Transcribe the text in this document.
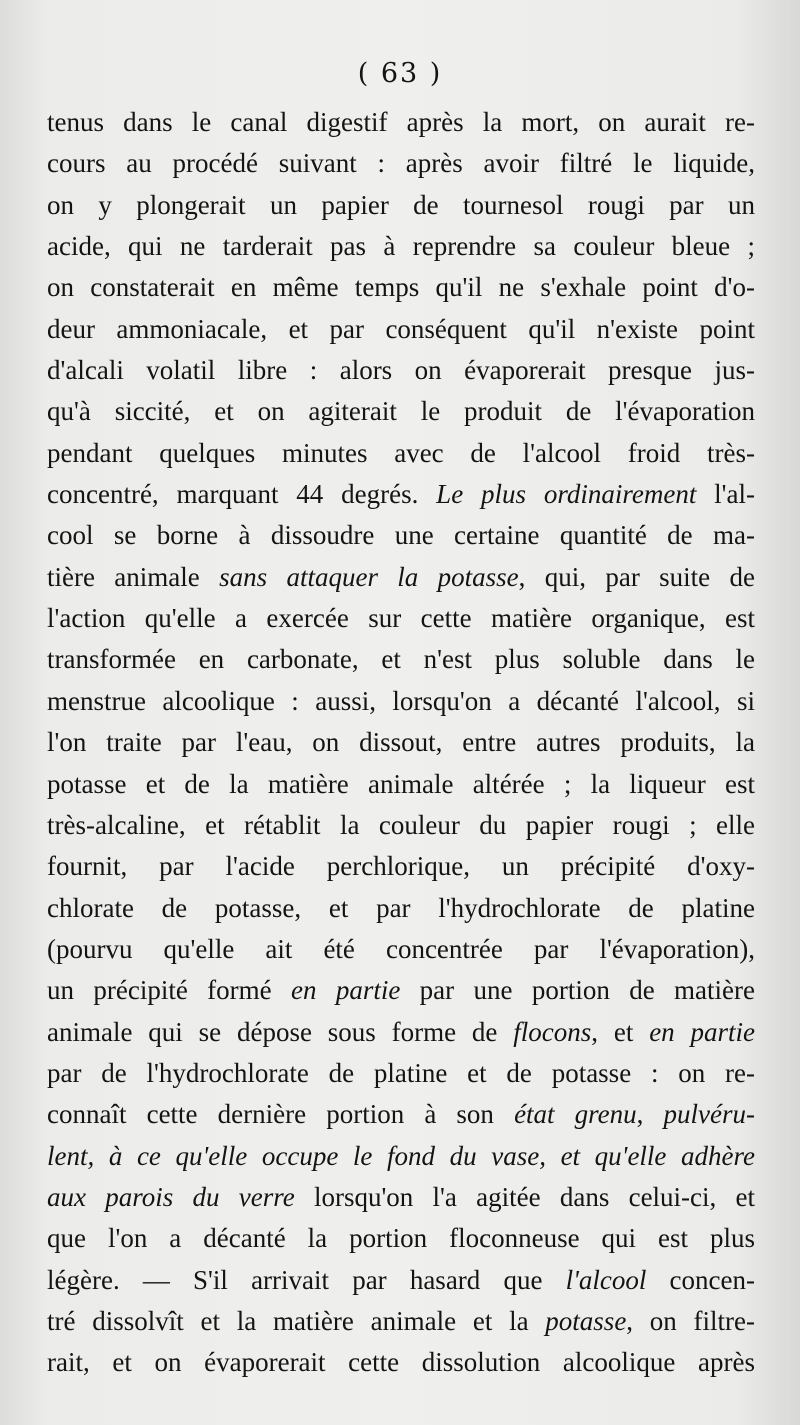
( 63 )
tenus dans le canal digestif après la mort, on aurait re-
cours au procédé suivant : après avoir filtré le liquide,
on y plongerait un papier de tournesol rougi par un
acide, qui ne tarderait pas à reprendre sa couleur bleue ;
on constaterait en même temps qu'il ne s'exhale point d'o-
deur ammoniacale, et par conséquent qu'il n'existe point
d'alcali volatil libre : alors on évaporerait presque jus-
qu'à siccité, et on agiterait le produit de l'évaporation
pendant quelques minutes avec de l'alcool froid très-
concentré, marquant 44 degrés. Le plus ordinairement l'al-
cool se borne à dissoudre une certaine quantité de ma-
tière animale sans attaquer la potasse, qui, par suite de
l'action qu'elle a exercée sur cette matière organique, est
transformée en carbonate, et n'est plus soluble dans le
menstrue alcoolique : aussi, lorsqu'on a décanté l'alcool, si
l'on traite par l'eau, on dissout, entre autres produits, la
potasse et de la matière animale altérée ; la liqueur est
très-alcaline, et rétablit la couleur du papier rougi ; elle
fournit, par l'acide perchlorique, un précipité d'oxy-
chlorate de potasse, et par l'hydrochlorate de platine
(pourvu qu'elle ait été concentrée par l'évaporation),
un précipité formé en partie par une portion de matière
animale qui se dépose sous forme de flocons, et en partie
par de l'hydrochlorate de platine et de potasse : on re-
connaît cette dernière portion à son état grenu, pulvéru-
lent, à ce qu'elle occupe le fond du vase, et qu'elle adhère
aux parois du verre lorsqu'on l'a agitée dans celui-ci, et
que l'on a décanté la portion floconneuse qui est plus
légère. — S'il arrivait par hasard que l'alcool concen-
tré dissolvît et la matière animale et la potasse, on filtre-
rait, et on évaporerait cette dissolution alcoolique après
